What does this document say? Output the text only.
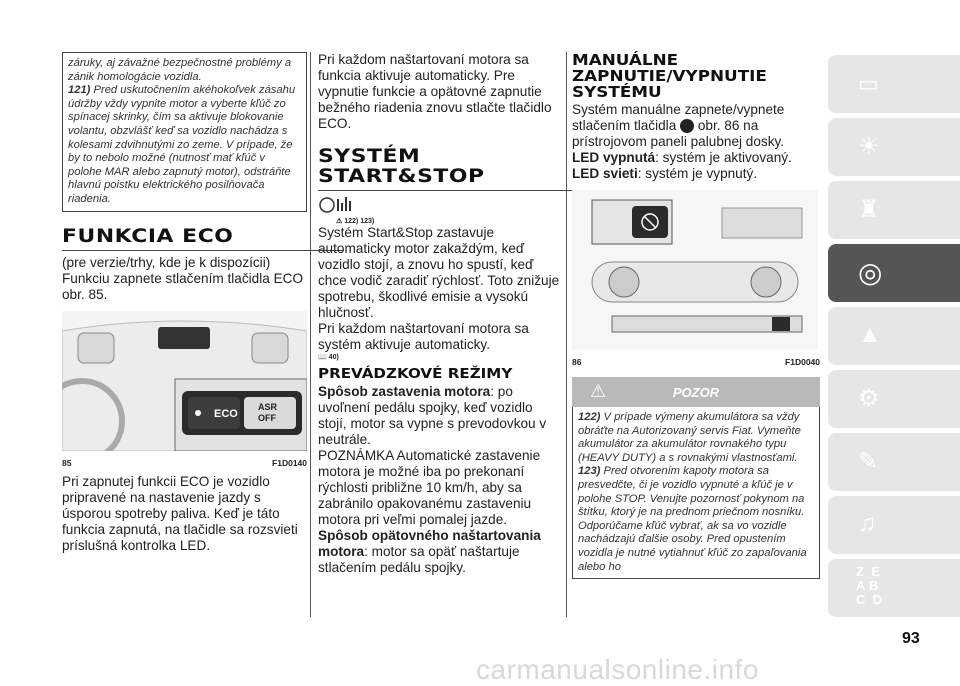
záruky, aj závažné bezpečnostné problémy a zánik homologácie vozidla.

121) Pred uskutočnením akéhokoľvek zásahu údržby vždy vypnite motor a vyberte kľúč zo spínacej skrinky, čím sa aktivuje blokovanie volantu, obzvlášť keď sa vozidlo nachádza s kolesami zdvihnutými zo zeme. V prípade, že by to nebolo možné (nutnosť mať kľúč v polohe MAR alebo zapnutý motor), odstráňte hlavnú poistku elektrického posilňovača riadenia.

FUNKCIA ECO

(pre verzie/trhy, kde je k dispozícii)

Funkciu zapnete stlačením tlačidla ECO obr. 85.

ECO
ASR
OFF
85	F1D0140

Pri zapnutej funkcii ECO je vozidlo pripravené na nastavenie jazdy s úsporou spotreby paliva. Keď je táto funkcia zapnutá, na tlačidle sa rozsvieti príslušná kontrolka LED.

Pri každom naštartovaní motora sa funkcia aktivuje automaticky. Pre vypnutie funkcie a opätovné zapnutie bežného riadenia znovu stlačte tlačidlo ECO.

SYSTÉM
START&STOP
⚠ 122) 123)

Systém Start&Stop zastavuje automaticky motor zakaždým, keď vozidlo stojí, a znovu ho spustí, keď chce vodič zaradiť rýchlosť. Toto znižuje spotrebu, škodlivé emisie a vysokú hlučnosť.

Pri každom naštartovaní motora sa systém aktivuje automaticky.

📖 40)
PREVÁDZKOVÉ REŽIMY

Spôsob zastavenia motora: po uvoľnení pedálu spojky, keď vozidlo stojí, motor sa vypne s prevodovkou v neutrále.

POZNÁMKA Automatické zastavenie motora je možné iba po prekonaní rýchlosti približne 10 km/h, aby sa zabránilo opakovanému zastaveniu motora pri veľmi pomalej jazde.

Spôsob opätovného naštartovania motora: motor sa opäť naštartuje stlačením pedálu spojky.

MANUÁLNE
ZAPNUTIE/VYPNUTIE
SYSTÉMU

Systém manuálne zapnete/vypnete stlačením tlačidla obr. 86 na prístrojovom paneli palubnej dosky.

LED vypnutá: systém je aktivovaný.

LED svieti: systém je vypnutý.

86	F1D0040
⚠	POZOR

122) V prípade výmeny akumulátora sa vždy obráťte na Autorizovaný servis Fiat. Vymeňte akumulátor za akumulátor rovnakého typu (HEAVY DUTY) a s rovnakými vlastnosťami.

123) Pred otvorením kapoty motora sa presvedčte, či je vozidlo vypnuté a kľúč je v polohe STOP. Venujte pozornosť pokynom na štítku, ktorý je na prednom priečnom nosníku. Odporúčame kľúč vybrať, ak sa vo vozidle nachádzajú ďalšie osoby. Pred opustením vozidla je nutné vytiahnuť kľúč zo zapaľovania alebo ho

▭
☀
♜
◎
▲
⚙
✎
♫
Z E
A B
C D
93
carmanualsonline.info
